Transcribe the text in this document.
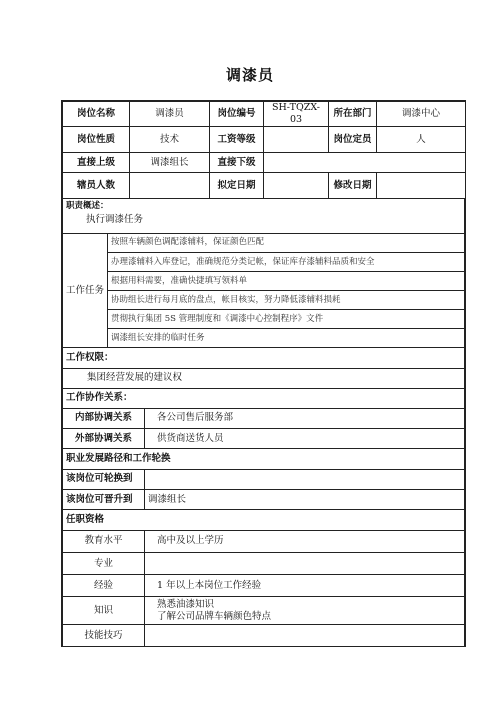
调漆员
岗位名称	调漆员	岗位编号	SH-TQZX-03	所在部门	调漆中心
岗位性质	技术	工资等级		岗位定员	人
直接上级	调漆组长	直接下级			
辖员人数		拟定日期		修改日期	
职责概述：
执行调漆任务
工作任务	按照车辆颜色调配漆辅料，保证颜色匹配
办理漆辅料入库登记，准确规范分类记帐，保证库存漆辅料品质和安全
根据用料需要，准确快捷填写领料单
协助组长进行每月底的盘点，帐目核实，努力降低漆辅料损耗
贯彻执行集团 5S 管理制度和《调漆中心控制程序》文件
调漆组长安排的临时任务
工作权限：
集团经营发展的建议权
工作协作关系：
内部协调关系	各公司售后服务部
外部协调关系	供货商送货人员
职业发展路径和工作轮换
该岗位可轮换到	
该岗位可晋升到	调漆组长
任职资格
教育水平	高中及以上学历
专业	
经验	1 年以上本岗位工作经验
知识	熟悉油漆知识
了解公司品牌车辆颜色特点

技能技巧	
